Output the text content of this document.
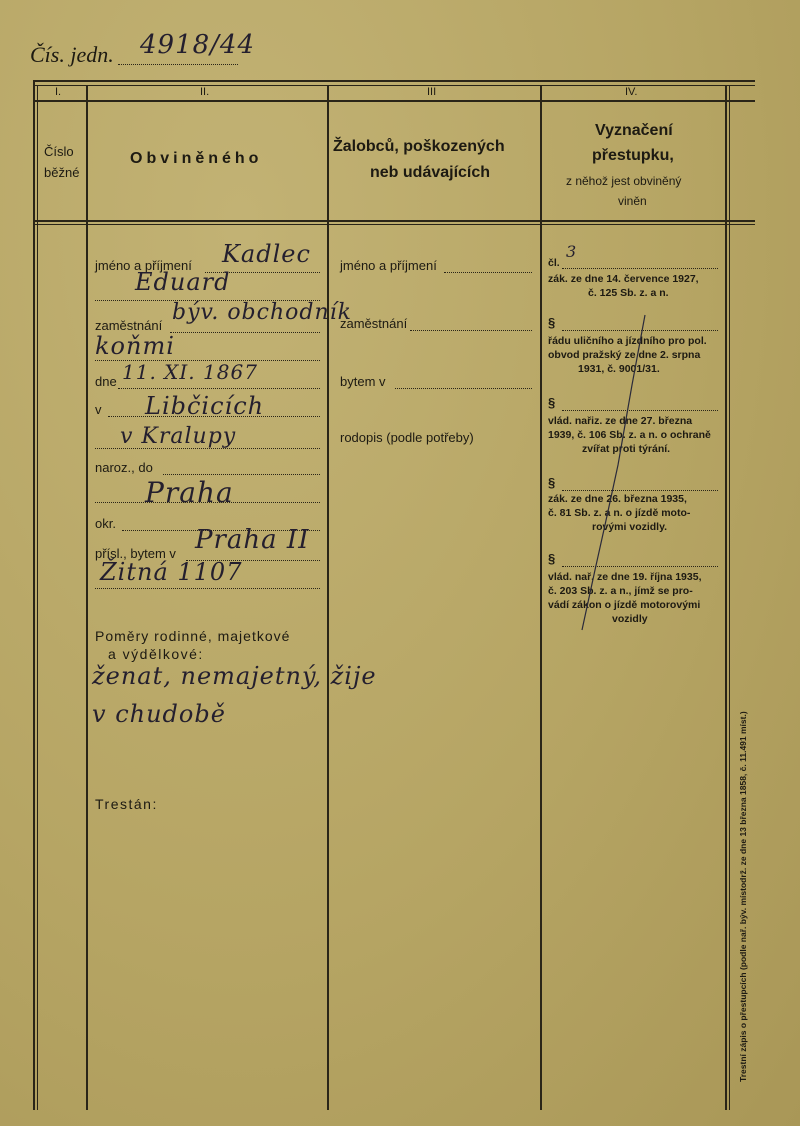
Čís. jedn. 4918/44
I.	II.	III	IV.
Číslo
běžné
Obviněného
Žalobců, poškozených
neb udávajících
Vyznačení
přestupku,
z něhož jest obviněný
viněn
jméno a příjmení Kadlec
Eduard
zaměstnání
býv. obchodník
koňmi
dne 11. XI. 1867
v Libčicích
v Kralupy
naroz., do
Praha
okr.
přísl., bytem v Praha II
Žitná 1107
Poměry rodinné, majetkové
a výdělkové:
ženat, nemajetný, žije
v chudobě
Trestán:
jméno a příjmení
zaměstnání
bytem v
rodopis (podle potřeby)
čl.
3
zák. ze dne 14. července 1927,
č. 125 Sb. z. a n.
§
řádu uličního a jízdního pro pol.
obvod pražský ze dne 2. srpna
1931, č. 9001/31.
§
vlád. nařiz. ze dne 27. března
1939, č. 106 Sb. z. a n. o ochraně
zvířat proti týrání.
§
zák. ze dne 26. března 1935,
č. 81 Sb. z. a n. o jízdě moto-
rovými vozidly.
§
vlád. nař. ze dne 19. října 1935,
č. 203 Sb. z. a n., jímž se pro-
vádí zákon o jízdě motorovými
vozidly
Trestní zápis o přestupcích (podle nař. býv. místodrž. ze dne 13 března 1858, č. 11.491 míst.)
